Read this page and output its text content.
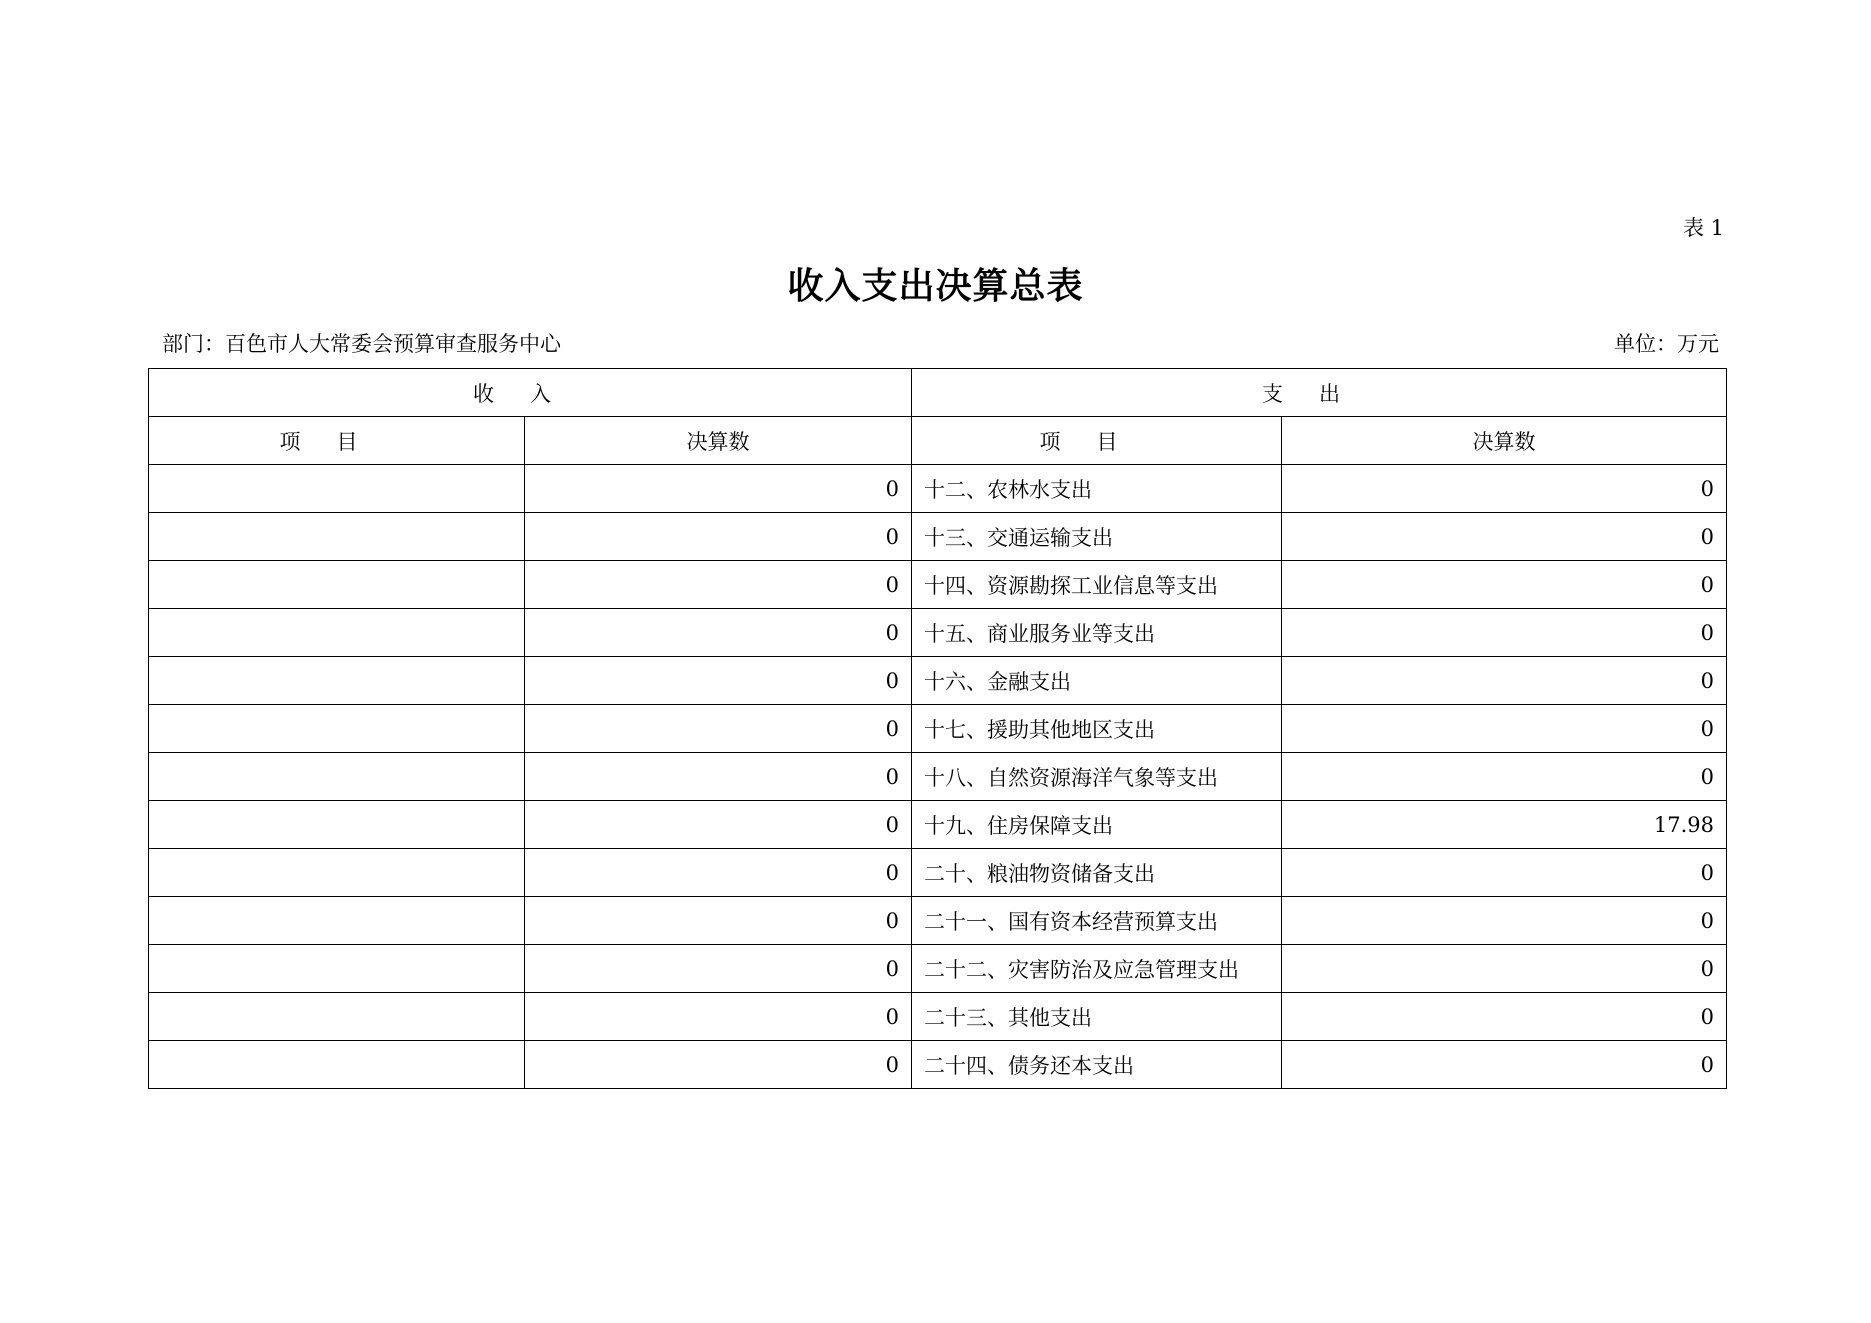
表 1
收入支出决算总表
部门：百色市人大常委会预算审查服务中心	单位：万元
收入		支出	
项目	决算数	项目	决算数
	0	十二、农林水支出	0
	0	十三、交通运输支出	0
	0	十四、资源勘探工业信息等支出	0
	0	十五、商业服务业等支出	0
	0	十六、金融支出	0
	0	十七、援助其他地区支出	0
	0	十八、自然资源海洋气象等支出	0
	0	十九、住房保障支出	17.98
	0	二十、粮油物资储备支出	0
	0	二十一、国有资本经营预算支出	0
	0	二十二、灾害防治及应急管理支出	0
	0	二十三、其他支出	0
	0	二十四、债务还本支出	0
